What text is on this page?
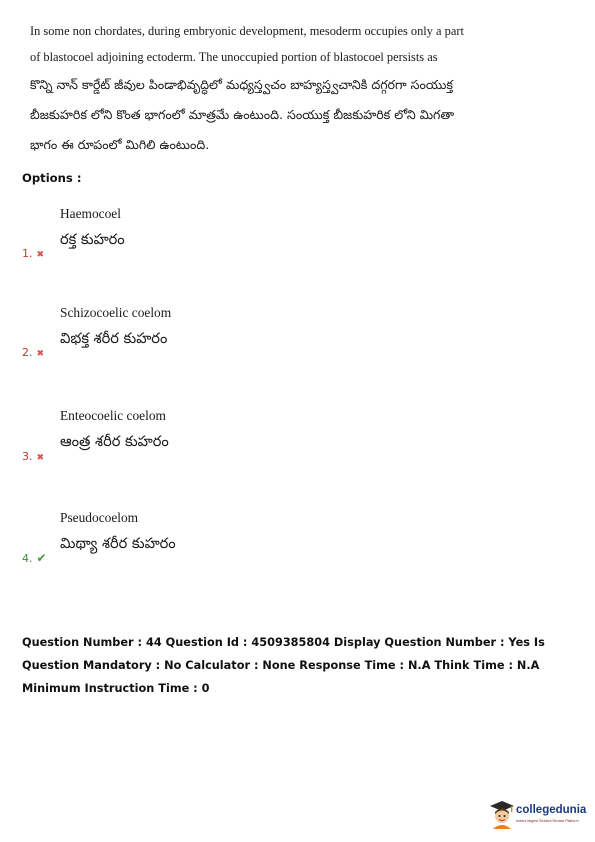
In some non chordates, during embryonic development, mesoderm occupies only a part of blastocoel adjoining ectoderm. The unoccupied portion of blastocoel persists as
కొన్ని నాన్ కార్డేట్ జీవుల పిండాభివృద్ధిలో మధ్యస్త్వచం బాహ్యస్త్వచానికి దగ్గరగా సంయుక్త బీజకుహరిక లోని కొంత భాగంలో మాత్రమే ఉంటుంది. సంయుక్త బీజకుహరిక లోని మిగతా భాగం ఈ రూపంలో మిగిలి ఉంటుంది.
Options :
Haemocoel
రక్త కుహరం
1. ✖
Schizocoelic coelom
విభక్త శరీర కుహరం
2. ✖
Enteocoelic coelom
ఆంత్ర శరీర కుహరం
3. ✖
Pseudocoelom
మిథ్యా శరీర కుహరం
4. ✔
Question Number : 44 Question Id : 4509385804 Display Question Number : Yes Is Question Mandatory : No Calculator : None Response Time : N.A Think Time : N.A Minimum Instruction Time : 0
collegedunia
India's largest Student Review Platform
